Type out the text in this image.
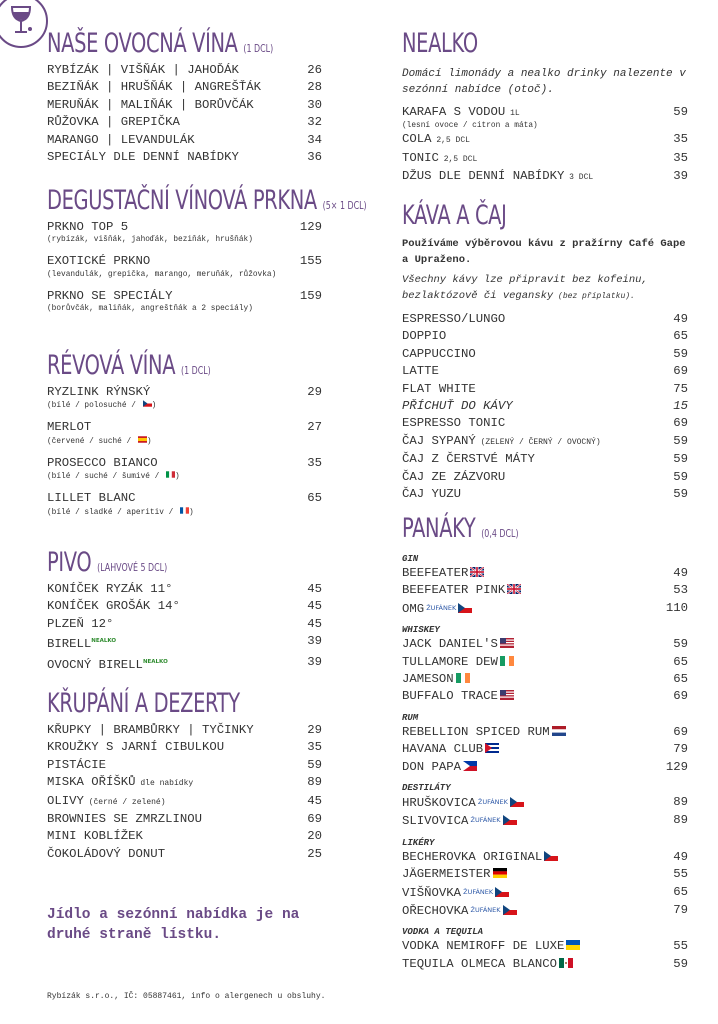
NAŠE OVOCNÁ VÍNA (1 DCL)
RYBÍZÁK | VIŠŇÁK | JAHOĎÁK	26
BEZIŇÁK | HRUŠŇÁK | ANGREŠŤÁK	28
MERUŇÁK | MALIŇÁK | BORŮVČÁK	30
RŮŽOVKA | GREPIČKA	32
MARANGO | LEVANDULÁK	34
SPECIÁLY DLE DENNÍ NABÍDKY	36
DEGUSTAČNÍ VÍNOVÁ PRKNA (5× 1 DCL)
PRKNO TOP 5	129
(rybízák, višňák, jahoďák, beziňák, hrušňák)
EXOTICKÉ PRKNO	155
(levandulák, grepička, marango, meruňák, růžovka)
PRKNO SE SPECIÁLY	159
(borůvčák, maliňák, angreštňák a 2 speciály)
RÉVOVÁ VÍNA (1 DCL)
RYZLINK RÝNSKÝ	29
(bílé / polosuché / )
MERLOT	27
(červené / suché / )
PROSECCO BIANCO	35
(bílé / suché / šumivé / )
LILLET BLANC	65
(bílé / sladké / aperitiv / )
PIVO (LAHVOVÉ 5 DCL)
KONÍČEK RYZÁK 11°	45
KONÍČEK GROŠÁK 14°	45
PLZEŇ 12°	45
$BIRELL^{NEALKO}$	39
OVOCNÝ $BIRELL^{NEALKO}$	39
KŘUPÁNÍ A DEZERTY
KŘUPKY | BRAMBŮRKY | TYČINKY	29
KROUŽKY S JARNÍ CIBULKOU	35
PISTÁCIE	59
MISKA OŘÍŠKŮ dle nabídky	89
OLIVY (černé / zelené)	45
BROWNIES SE ZMRZLINOU	69
MINI KOBLÍŽEK	20
ČOKOLÁDOVÝ DONUT	25
Jídlo a sezónní nabídka je na druhé straně lístku.
Rybízák s.r.o., IČ: 05887461, info o alergenech u obsluhy.
NEALKO
Domácí limonády a nealko drinky nalezente v sezónní nabídce (otoč).
KARAFA S VODOU 1L	59
(lesní ovoce / citron a máta)
COLA 2,5 DCL	35
TONIC 2,5 DCL	35
DŽUS DLE DENNÍ NABÍDKY 3 DCL	39
KÁVA A ČAJ
Používáme výběrovou kávu z pražírny Café Gape a Upraženo.
Všechny kávy lze připravit bez kofeinu, bezlaktózově či vegansky (bez příplatku).
ESPRESSO/LUNGO	49
DOPPIO	65
CAPPUCCINO	59
LATTE	69
FLAT WHITE	75
PŘÍCHUŤ DO KÁVY	15
ESPRESSO TONIC	69
ČAJ SYPANÝ (ZELENÝ / ČERNÝ / OVOCNÝ)	59
ČAJ Z ČERSTVÉ MÁTY	59
ČAJ ZE ZÁZVORU	59
ČAJ YUZU	59
PANÁKY (0,4 DCL)
GIN
BEEFEATER	49
BEEFEATER PINK	53
OMG ŽUFÁNEK	110
WHISKEY
JACK DANIEL'S	59
TULLAMORE DEW	65
JAMESON	65
BUFFALO TRACE	69
RUM
REBELLION SPICED RUM	69
HAVANA CLUB	79
DON PAPA	129
DESTILÁTY
HRUŠKOVICA ŽUFÁNEK	89
SLIVOVICA ŽUFÁNEK	89
LIKÉRY
BECHEROVKA ORIGINAL	49
JÄGERMEISTER	55
VIŠŇOVKA ŽUFÁNEK	65
OŘECHOVKA ŽUFÁNEK	79
VODKA A TEQUILA
VODKA NEMIROFF DE LUXE	55
TEQUILA OLMECA BLANCO	59
